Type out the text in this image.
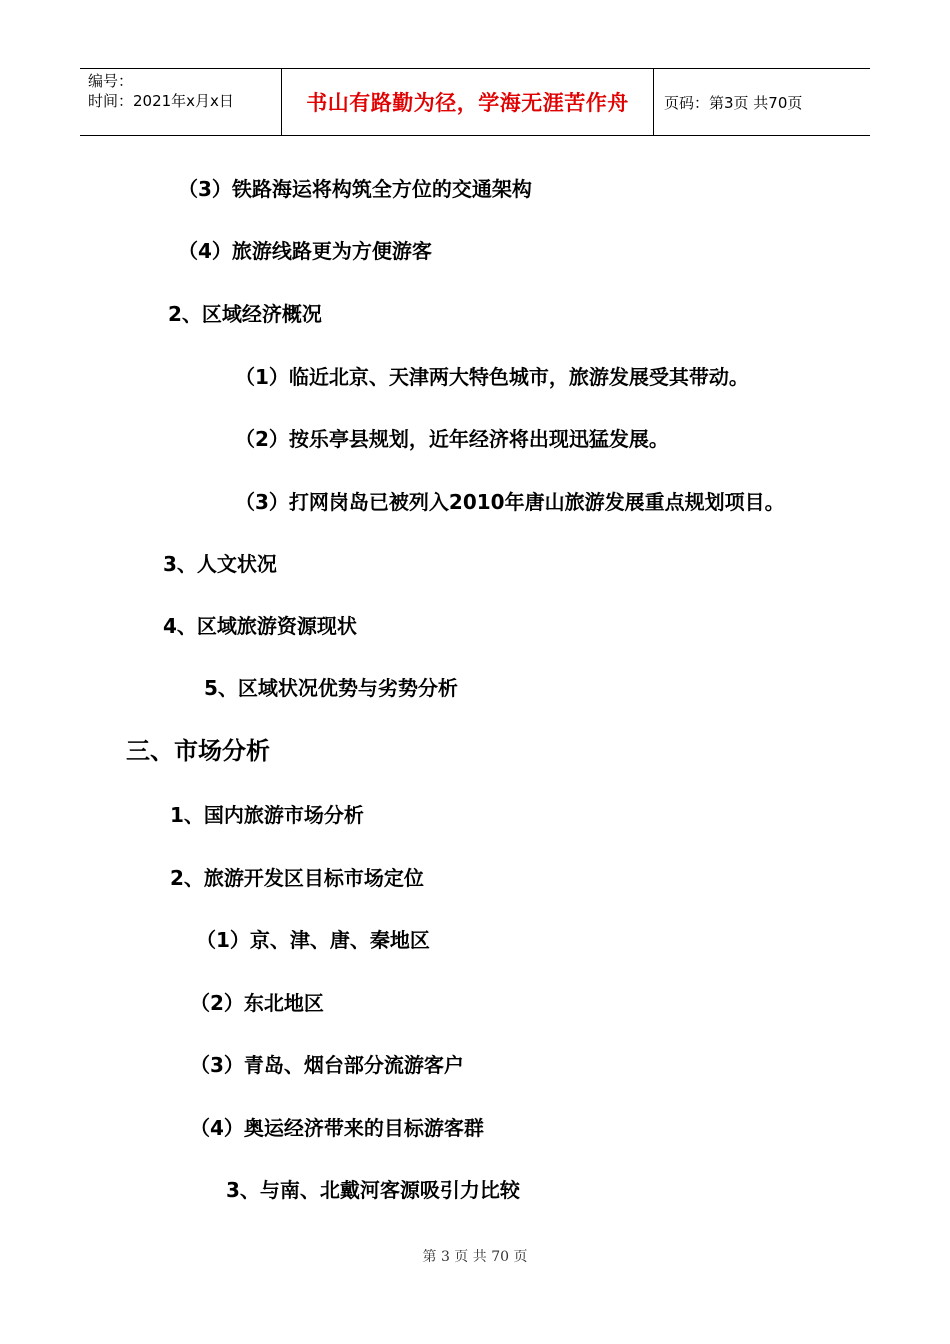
编号：
时间：2021年x月x日	书山有路勤为径，学海无涯苦作舟	页码：第3页 共70页
（3）铁路海运将构筑全方位的交通架构
（4）旅游线路更为方便游客
2、区域经济概况
（1）临近北京、天津两大特色城市，旅游发展受其带动。
（2）按乐亭县规划，近年经济将出现迅猛发展。
（3）打网岗岛已被列入2010年唐山旅游发展重点规划项目。
3、人文状况
4、区域旅游资源现状
5、区域状况优势与劣势分析
三、市场分析
1、国内旅游市场分析
2、旅游开发区目标市场定位
（1）京、津、唐、秦地区
（2）东北地区
（3）青岛、烟台部分流游客户
（4）奥运经济带来的目标游客群
3、与南、北戴河客源吸引力比较
第 3 页 共 70 页
